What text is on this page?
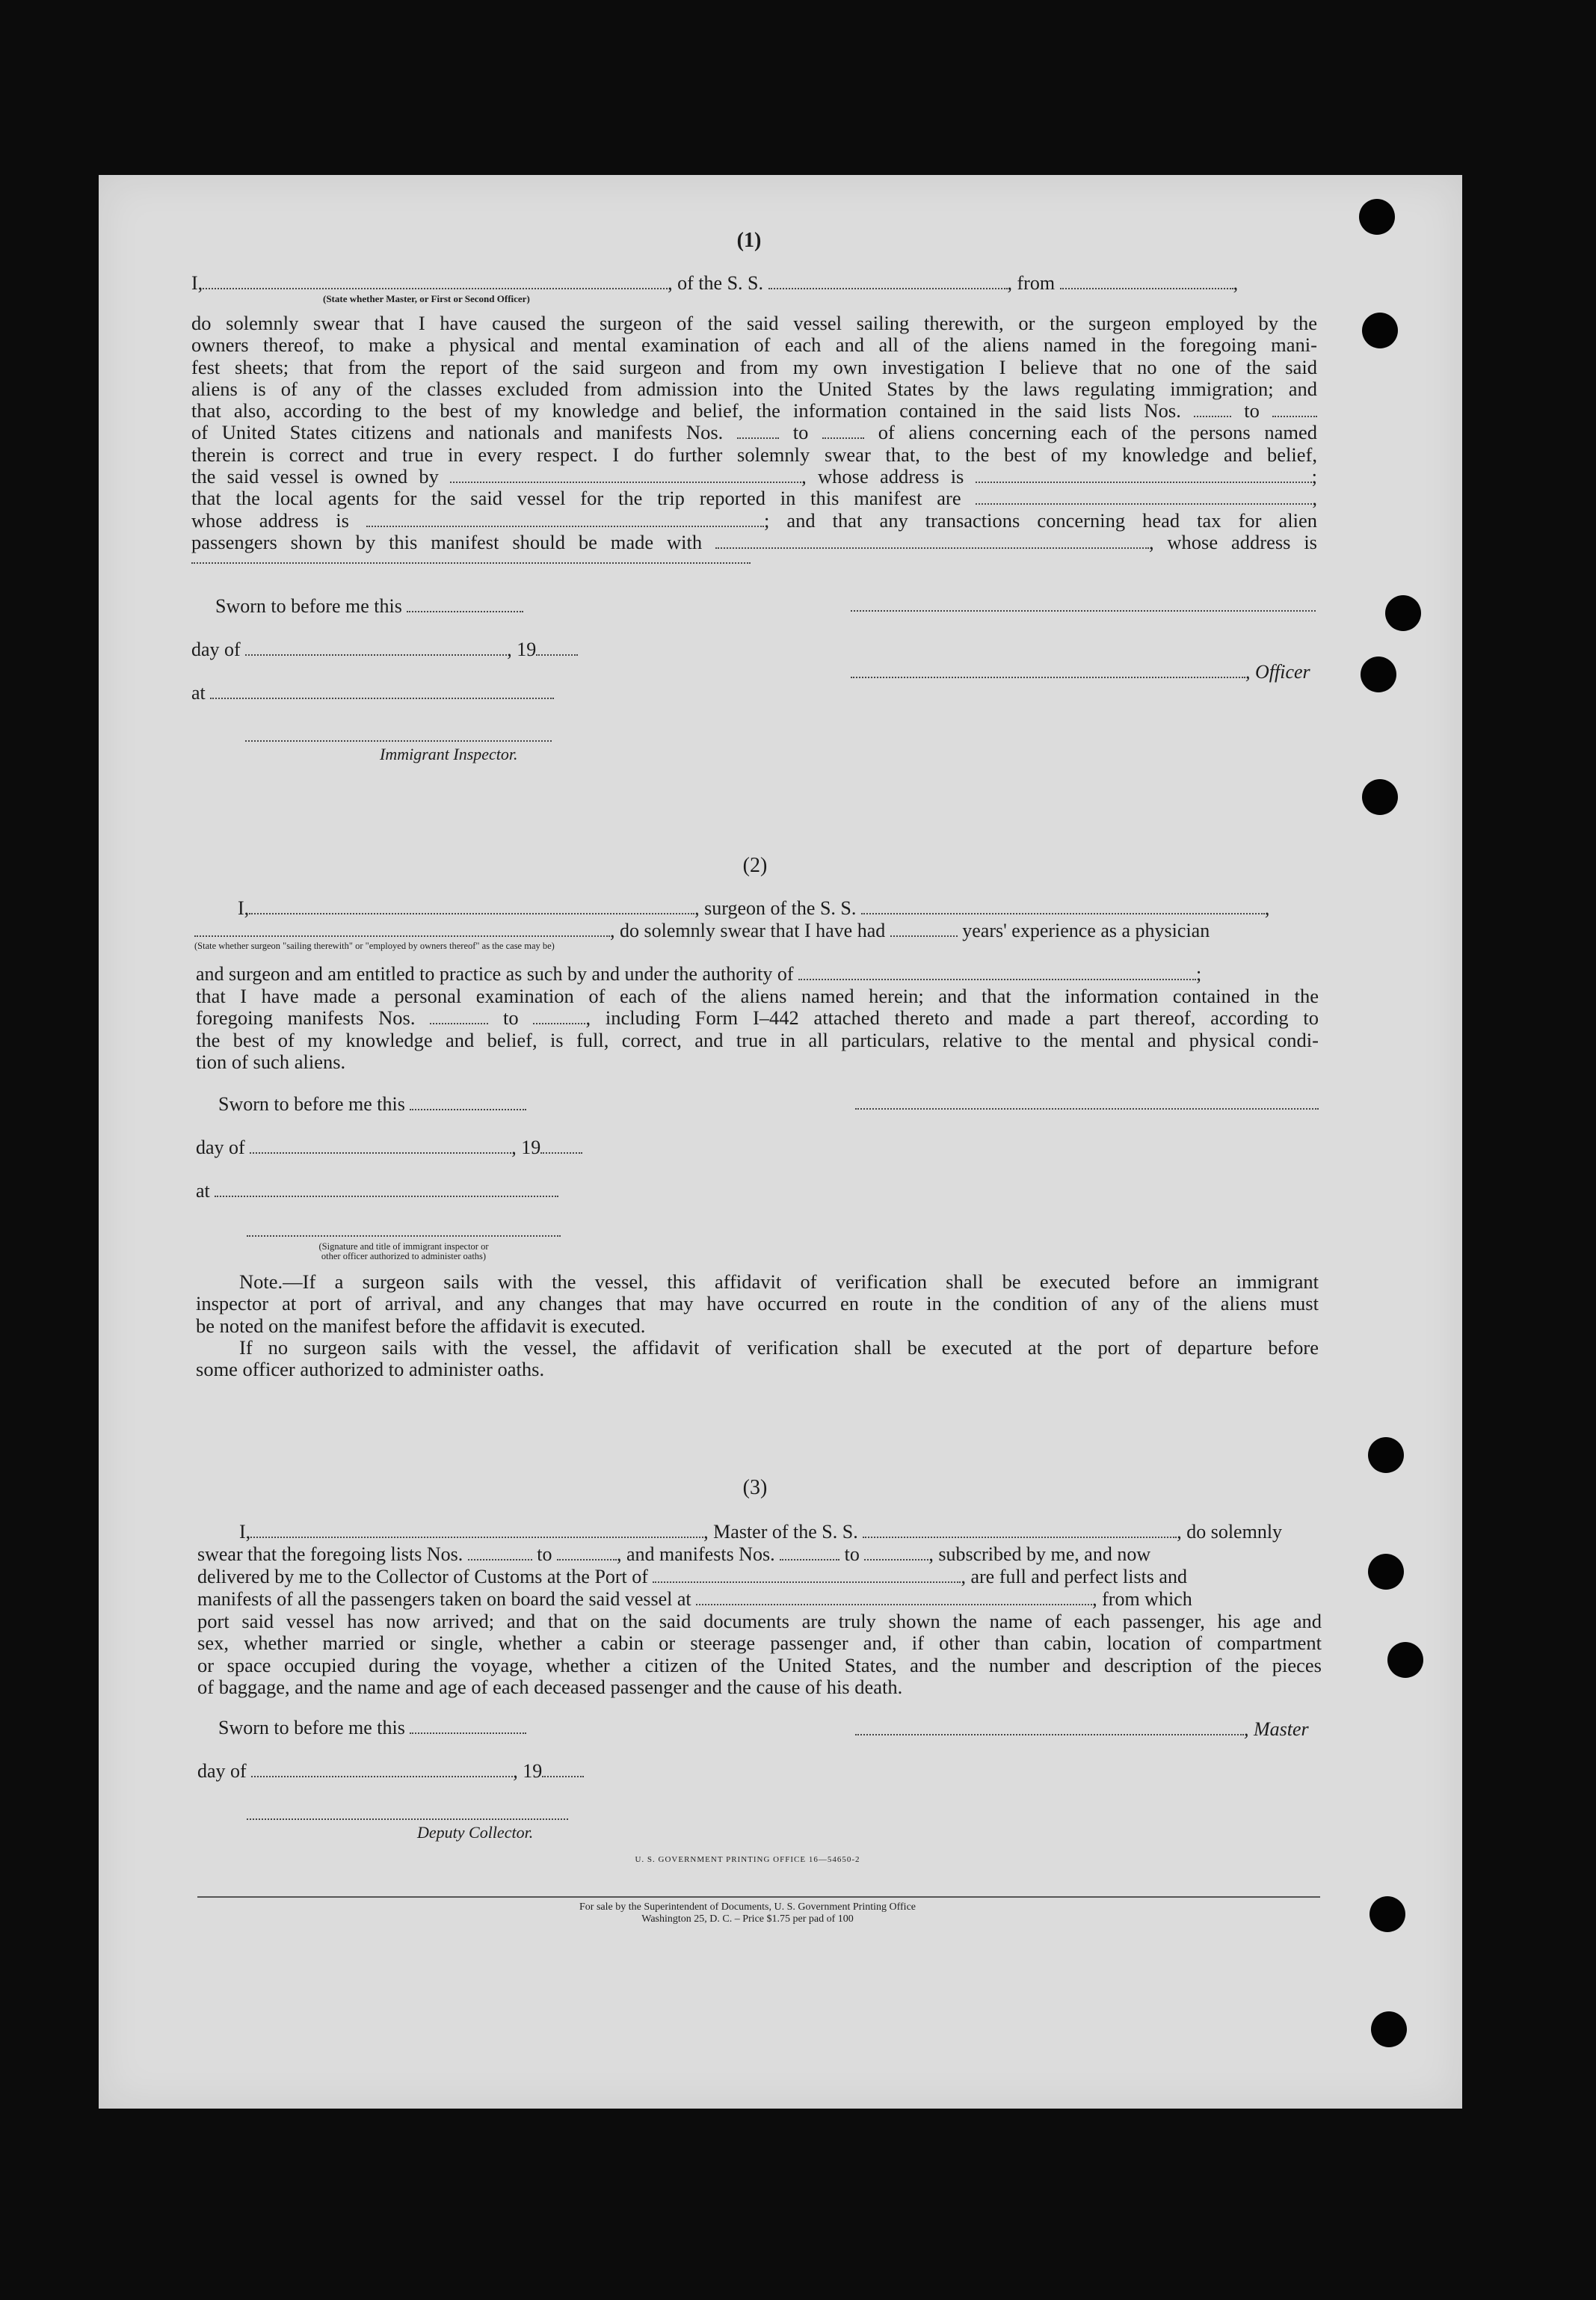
(1)
I,	, of the S. S.	, from	,
(State whether Master, or First or Second Officer)
do solemnly swear that I have caused the surgeon of the said vessel sailing therewith, or the surgeon employed by the
owners thereof, to make a physical and mental examination of each and all of the aliens named in the foregoing mani-
fest sheets; that from the report of the said surgeon and from my own investigation I believe that no one of the said
aliens is of any of the classes excluded from admission into the United States by the laws regulating immigration; and
that also, according to the best of my knowledge and belief, the information contained in the said lists Nos.	to
of United States citizens and nationals and manifests Nos.	to	of aliens concerning each of the persons named
therein is correct and true in every respect. I do further solemnly swear that, to the best of my knowledge and belief,
the said vessel is owned by	, whose address is	;
that the local agents for the said vessel for the trip reported in this manifest are	,
whose address is	; and that any transactions concerning head tax for alien
passengers shown by this manifest should be made with	, whose address is
Sworn to before me this
day of	, 19
at
Immigrant Inspector.
, Officer
(2)
I,	, surgeon of the S. S.	,
, do solemnly swear that I have had	years' experience as a physician
(State whether surgeon "sailing therewith" or "employed by owners thereof" as the case may be)
and surgeon and am entitled to practice as such by and under the authority of	;
that I have made a personal examination of each of the aliens named herein; and that the information contained in the
foregoing manifests Nos.	to	, including Form I–442 attached thereto and made a part thereof, according to
the best of my knowledge and belief, is full, correct, and true in all particulars, relative to the mental and physical condi-
tion of such aliens.
Sworn to before me this
day of	, 19
at
(Signature and title of immigrant inspector or
other officer authorized to administer oaths)
Note.—If a surgeon sails with the vessel, this affidavit of verification shall be executed before an immigrant
inspector at port of arrival, and any changes that may have occurred en route in the condition of any of the aliens must
be noted on the manifest before the affidavit is executed.
If no surgeon sails with the vessel, the affidavit of verification shall be executed at the port of departure before
some officer authorized to administer oaths.
(3)
I,	, Master of the S. S.	, do solemnly
swear that the foregoing lists Nos.	to	, and manifests Nos.	to	, subscribed by me, and now
delivered by me to the Collector of Customs at the Port of	, are full and perfect lists and
manifests of all the passengers taken on board the said vessel at	, from which
port said vessel has now arrived; and that on the said documents are truly shown the name of each passenger, his age and
sex, whether married or single, whether a cabin or steerage passenger and, if other than cabin, location of compartment
or space occupied during the voyage, whether a citizen of the United States, and the number and description of the pieces
of baggage, and the name and age of each deceased passenger and the cause of his death.
Sworn to before me this	, Master
day of	, 19
Deputy Collector.
U. S. GOVERNMENT PRINTING OFFICE 16—54650-2
For sale by the Superintendent of Documents, U. S. Government Printing Office
Washington 25, D. C. – Price $1.75 per pad of 100
